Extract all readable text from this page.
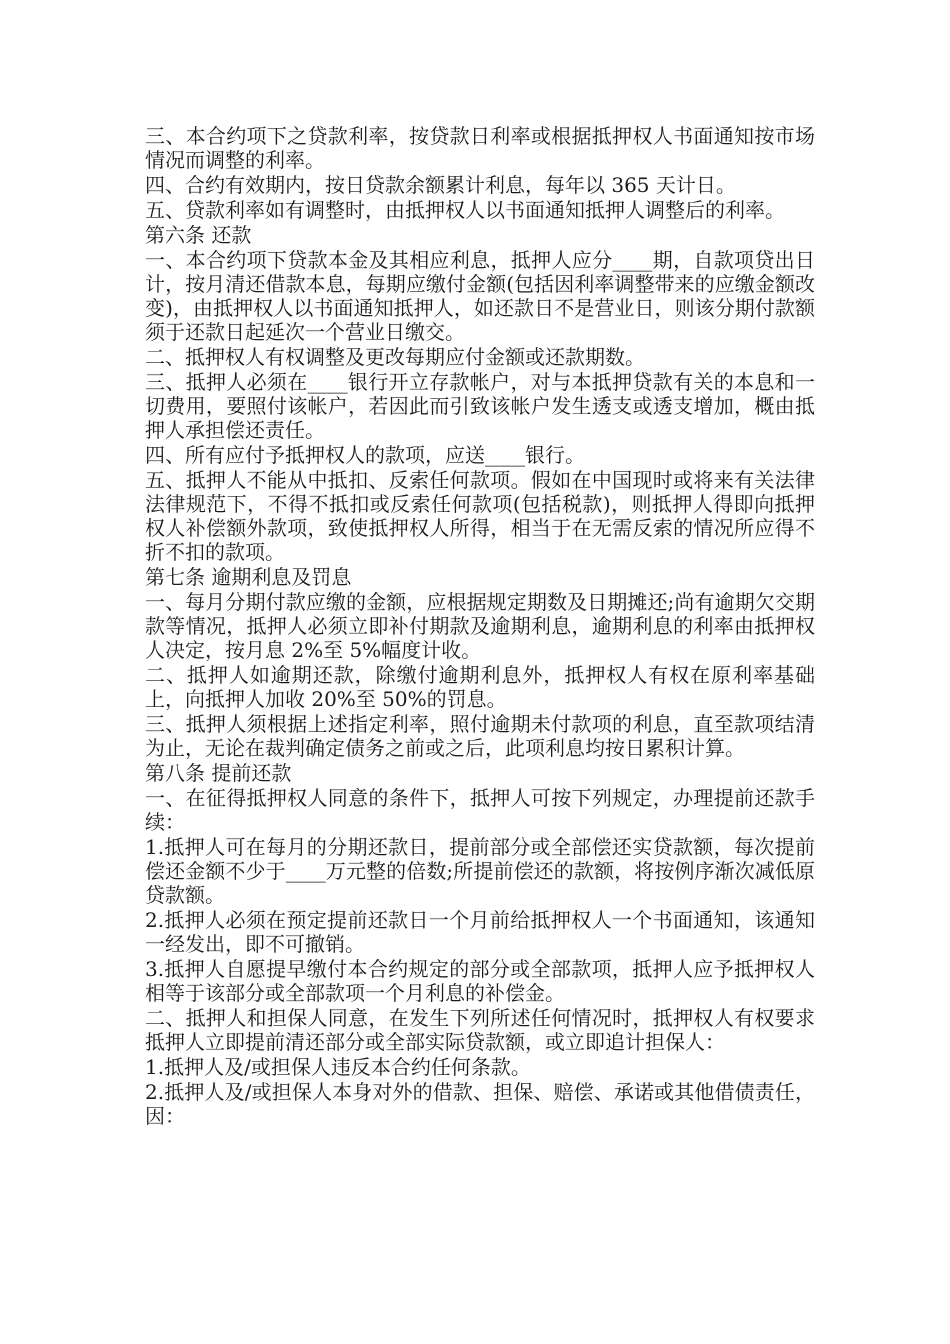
三、本合约项下之贷款利率，按贷款日利率或根据抵押权人书面通知按市场情况而调整的利率。

四、合约有效期内，按日贷款余额累计利息，每年以 365 天计日。

五、贷款利率如有调整时，由抵押权人以书面通知抵押人调整后的利率。

第六条 还款

一、本合约项下贷款本金及其相应利息，抵押人应分____期，自款项贷出日计，按月清还借款本息，每期应缴付金额(包括因利率调整带来的应缴金额改变)，由抵押权人以书面通知抵押人，如还款日不是营业日，则该分期付款额须于还款日起延次一个营业日缴交。

二、抵押权人有权调整及更改每期应付金额或还款期数。

三、抵押人必须在____银行开立存款帐户，对与本抵押贷款有关的本息和一切费用，要照付该帐户，若因此而引致该帐户发生透支或透支增加，概由抵押人承担偿还责任。

四、所有应付予抵押权人的款项，应送____银行。

五、抵押人不能从中抵扣、反索任何款项。假如在中国现时或将来有关法律法律规范下，不得不抵扣或反索任何款项(包括税款)，则抵押人得即向抵押权人补偿额外款项，致使抵押权人所得，相当于在无需反索的情况所应得不折不扣的款项。

第七条 逾期利息及罚息

一、每月分期付款应缴的金额，应根据规定期数及日期摊还;尚有逾期欠交期款等情况，抵押人必须立即补付期款及逾期利息，逾期利息的利率由抵押权人决定，按月息 2%至 5%幅度计收。

二、抵押人如逾期还款，除缴付逾期利息外，抵押权人有权在原利率基础上，向抵押人加收 20%至 50%的罚息。

三、抵押人须根据上述指定利率，照付逾期未付款项的利息，直至款项结清为止，无论在裁判确定债务之前或之后，此项利息均按日累积计算。

第八条 提前还款

一、在征得抵押权人同意的条件下，抵押人可按下列规定，办理提前还款手续：

1.抵押人可在每月的分期还款日，提前部分或全部偿还实贷款额，每次提前偿还金额不少于____万元整的倍数;所提前偿还的款额，将按例序渐次减低原贷款额。

2.抵押人必须在预定提前还款日一个月前给抵押权人一个书面通知，该通知一经发出，即不可撤销。

3.抵押人自愿提早缴付本合约规定的部分或全部款项，抵押人应予抵押权人相等于该部分或全部款项一个月利息的补偿金。

二、抵押人和担保人同意，在发生下列所述任何情况时，抵押权人有权要求抵押人立即提前清还部分或全部实际贷款额，或立即追计担保人：

1.抵押人及/或担保人违反本合约任何条款。

2.抵押人及/或担保人本身对外的借款、担保、赔偿、承诺或其他借债责任，因：
